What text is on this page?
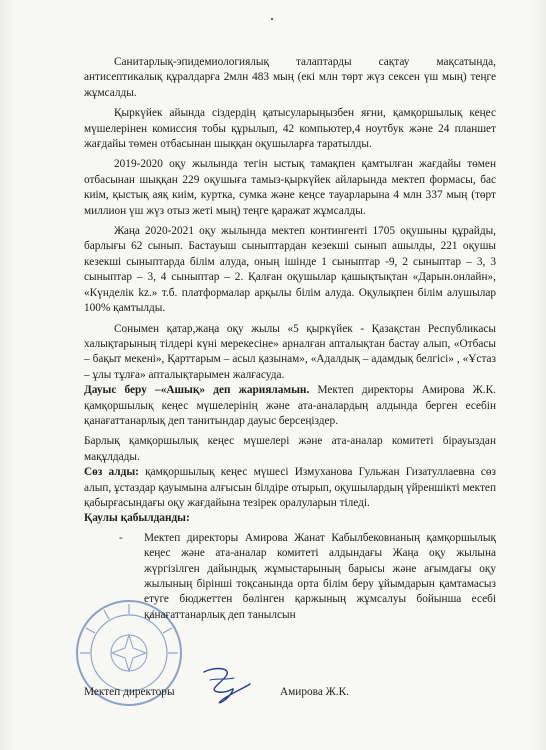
Санитарлық-эпидемиологиялық талаптарды сақтау мақсатында, антисептикалық құралдарға 2млн 483 мың (екі млн төрт жүз сексен үш мың) теңге жұмсалды.

Қыркүйек айында сіздердің қатысуларыңызбен яғни, қамқоршылық кеңес мүшелерінен комиссия тобы құрылып, 42 компьютер,4 ноутбук және 24 планшет жағдайы төмен отбасынан шыққан оқушыларға таратылды.

2019-2020 оқу жылында тегін ыстық тамақпен қамтылған жағдайы төмен отбасынан шыққан 229 оқушыға тамыз-қыркүйек айларында мектеп формасы, бас киім, қыстық аяқ киім, куртка, сумка және кеңсе тауарларына 4 млн 337 мың (төрт миллион үш жүз отыз жеті мың) теңге қаражат жұмсалды.

Жаңа 2020-2021 оқу жылында мектеп контингенті 1705 оқушыны құрайды, барлығы 62 сынып. Бастауыш сыныптардан кезекші сынып ашылды, 221 оқушы кезекші сыныптарда білім алуда, оның ішінде 1 сыныптар -9, 2 сыныптар – 3, 3 сыныптар – 3, 4 сыныптар – 2. Қалған оқушылар қашықтықтан «Дарын.онлайн», «Күнделік kz.» т.б. платформалар арқылы білім алуда. Оқулықпен білім алушылар 100% қамтылды.

Сонымен қатар,жаңа оқу жылы «5 қыркүйек - Қазақстан Республикасы халықтарының тілдері күні мерекесіне» арналған апталықтан бастау алып, «Отбасы – бақыт мекені», Қарттарым – асыл қазынам», «Адалдық – адамдық белгісі» , «Ұстаз – ұлы тұлға» апталықтарымен жалғасуда.

Дауыс беру –«Ашық» деп жарияламын. Мектеп директоры Амирова Ж.К. қамқоршылық кеңес мүшелерінің және ата-аналардың алдында берген есебін қанағаттанарлық деп танитындар дауыс берсеңіздер.

Барлық қамқоршылық кеңес мүшелері және ата-аналар комитеті бірауыздан мақұлдады.

Сөз алды: қамқоршылық кеңес мүшесі Измуханова Гульжан Гизатуллаевна сөз алып, ұстаздар қауымына алғысын білдіре отырып, оқушылардың үйреншікті мектеп қабырғасындағы оқу жағдайына тезірек оралуларын тіледі.

Қаулы қабылданды:

- Мектеп директоры Амирова Жанат Кабылбековнаның қамқоршылық кеңес және ата-аналар комитеті алдындағы Жаңа оқу жылына жүргізілген дайындық жұмыстарының барысы және ағымдағы оқу жылының бірінші тоқсанында орта білім беру ұйымдарын қамтамасыз етуге бюджеттен бөлінген қаржының жұмсалуы бойынша есебі қанағаттанарлық деп танылсын

Мектеп директоры	Амирова Ж.К.
